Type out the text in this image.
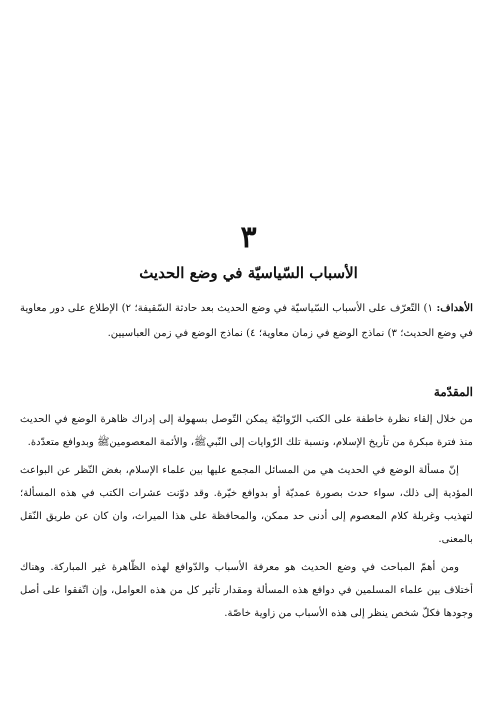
٣
الأسباب السّياسيّة في وضع الحديث
الأهداف: ١) التّعرّف على الأسباب السّياسيّة في وضع الحديث بعد حادثة السّقيفة؛ ٢) الإطلاع على دور معاوية في وضع الحديث؛ ٣) نماذج الوضع في زمان معاوية؛ ٤) نماذج الوضع في زمن العباسيين.
المقدّمة

من خلال إلقاء نظرة خاطفة على الكتب الرّوائيّة يمكن التّوصل بسهولة إلى إدراك ظاهرة الوضع في الحديث منذ فترة مبكرة من تأريخ الإسلام، ونسبة تلك الرّوايات إلى النّبيﷺ، والأئمة المعصومينﷺ وبدوافع متعدّدة.

إنّ مسألة الوضع في الحديث هي من المسائل المجمع عليها بين علماء الإسلام، بغض النّظر عن البواعث المؤدية إلى ذلك، سواء حدث بصورة عمديّة أو بدوافع خيّرة. وقد دوّنت عشرات الكتب في هذه المسألة؛ لتهذيب وغربلة كلام المعصوم إلى أدنى حد ممكن، والمحافظة على هذا الميراث، وان كان عن طريق النّقل بالمعنى.

ومن أهمّ المباحث في وضع الحديث هو معرفة الأسباب والدّوافع لهذه الظّاهرة غير المباركة. وهناك أختلاف بين علماء المسلمين في دوافع هذه المسألة ومقدار تأثير كل من هذه العوامل، وإن اتّفقوا على أصل وجودها فكلّ شخص ينظر إلى هذه الأسباب من زاوية خاصّة.
